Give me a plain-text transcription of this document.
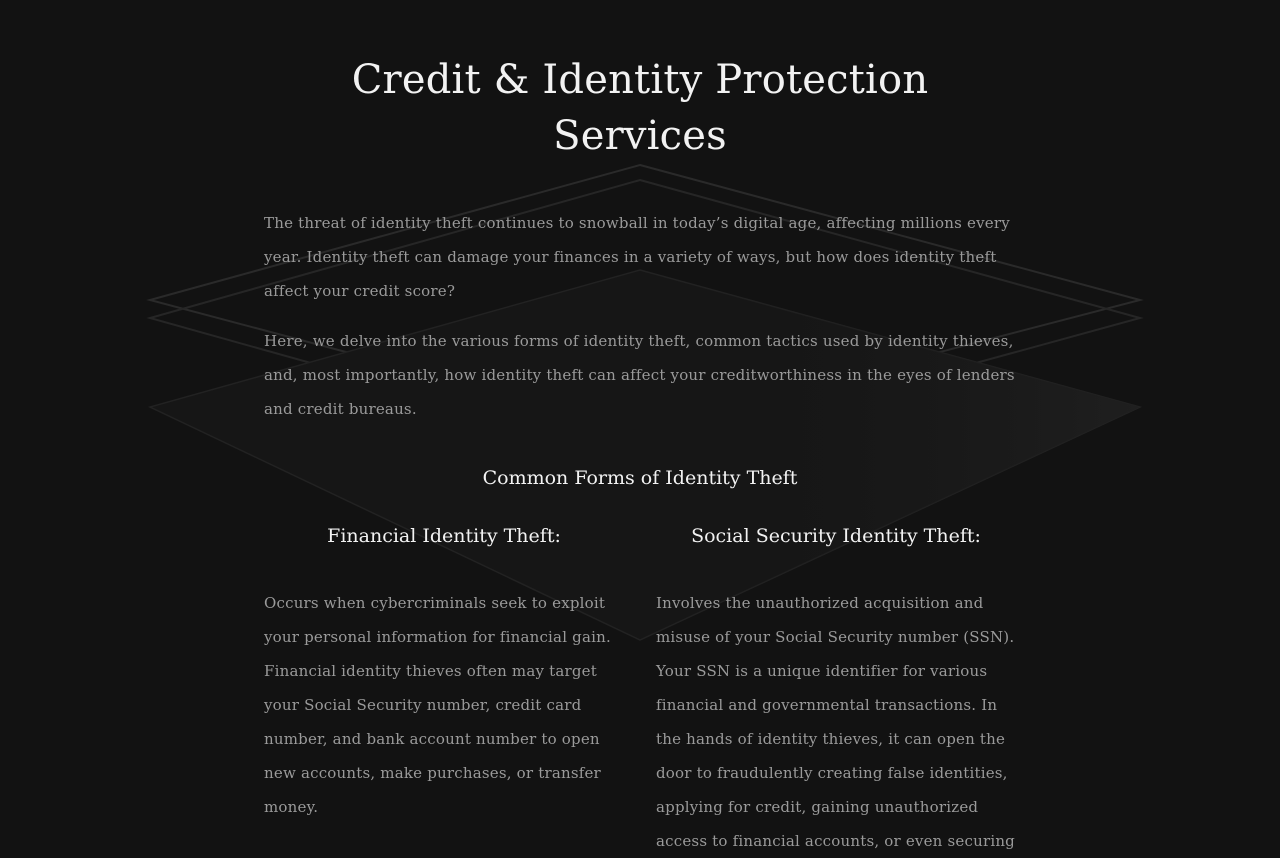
Credit & Identity Protection Services

The threat of identity theft continues to snowball in today’s digital age, affecting millions every year. Identity theft can damage your finances in a variety of ways, but how does identity theft affect your credit score?

Here, we delve into the various forms of identity theft, common tactics used by identity thieves, and, most importantly, how identity theft can affect your creditworthiness in the eyes of lenders and credit bureaus.

Common Forms of Identity Theft
Financial Identity Theft:

Occurs when cybercriminals seek to exploit your personal information for financial gain. Financial identity thieves often may target your Social Security number, credit card number, and bank account number to open new accounts, make purchases, or transfer money.

Social Security Identity Theft:

Involves the unauthorized acquisition and misuse of your Social Security number (SSN). Your SSN is a unique identifier for various financial and governmental transactions. In the hands of identity thieves, it can open the door to fraudulently creating false identities, applying for credit, gaining unauthorized access to financial accounts, or even securing
